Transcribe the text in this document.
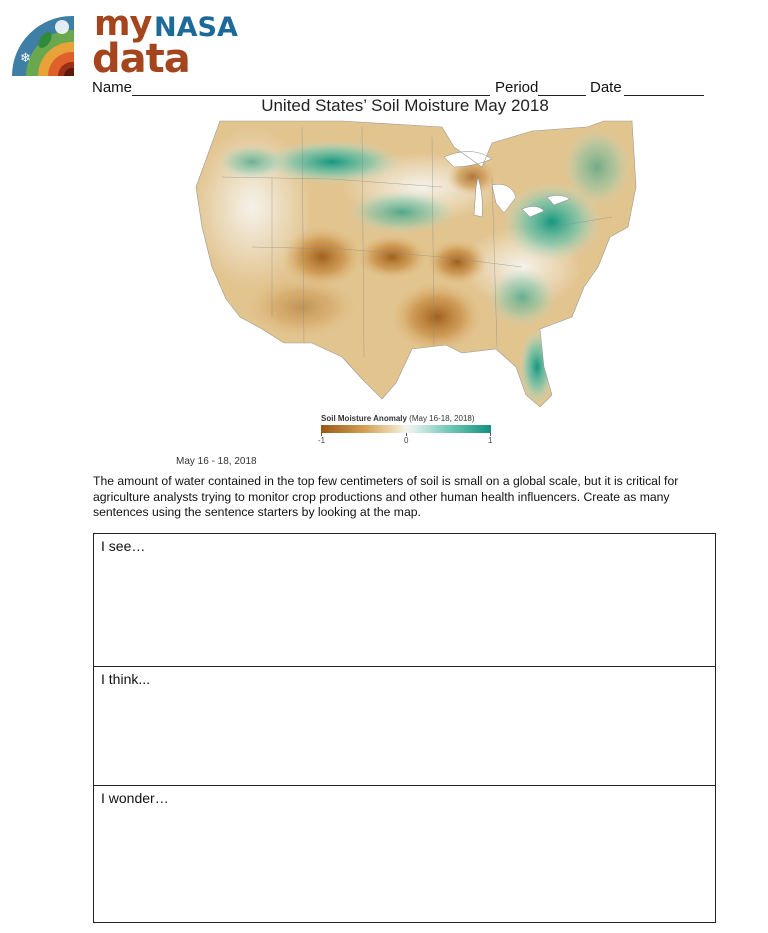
❄
my NASA
data
Name	Period	Date
United States’ Soil Moisture May 2018
Soil Moisture Anomaly (May 16-18, 2018)
-1	0	1
May 16 - 18, 2018
The amount of water contained in the top few centimeters of soil is small on a global scale, but it is critical for agriculture analysts trying to monitor crop productions and other human health influencers. Create as many sentences using the sentence starters by looking at the map.
I see…
I think...
I wonder…
